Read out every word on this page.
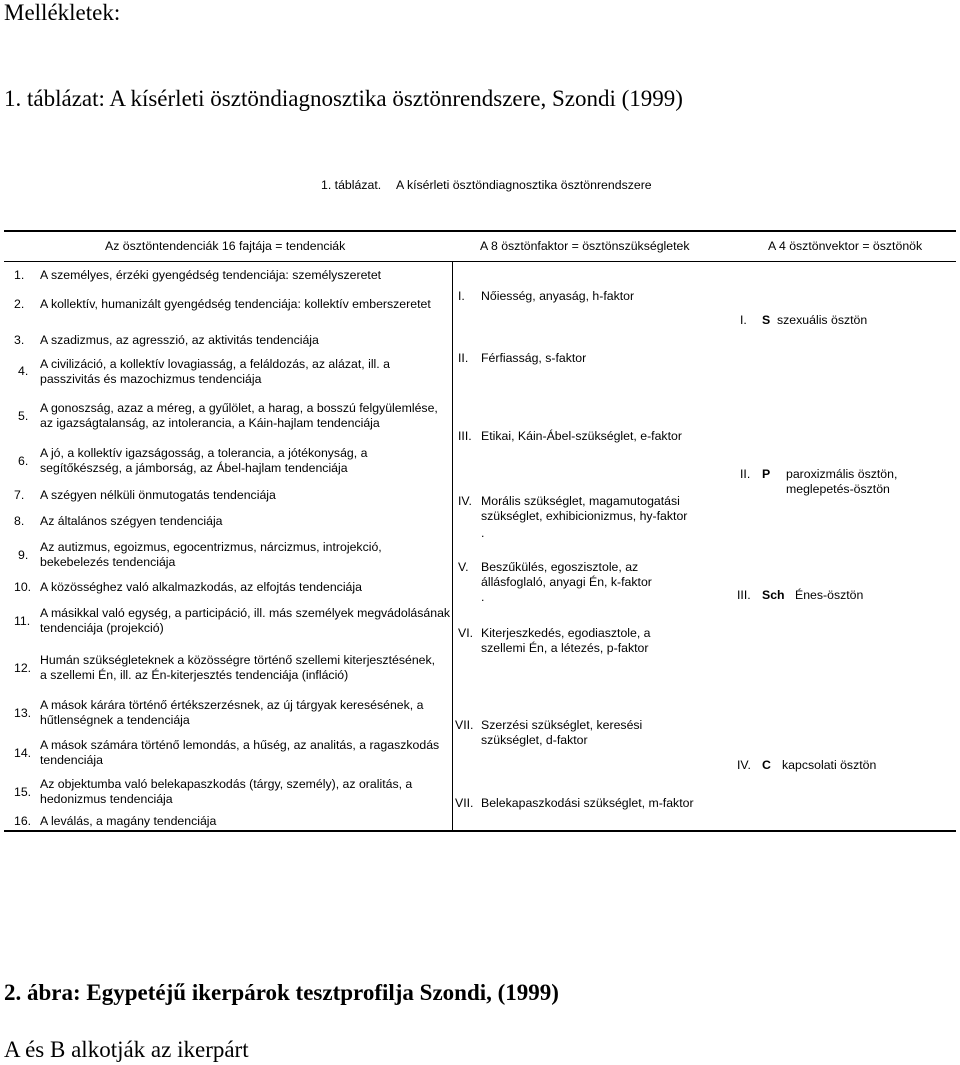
Mellékletek:
1. táblázat: A kísérleti ösztöndiagnosztika ösztönrendszere, Szondi (1999)
1. táblázat. A kísérleti ösztöndiagnosztika ösztönrendszere
Az ösztöntendenciák 16 fajtája = tendenciák	A 8 ösztönfaktor = ösztönszükségletek	A 4 ösztönvektor = ösztönök
1. A személyes, érzéki gyengédség tendenciája: személyszeretet
2. A kollektív, humanizált gyengédség tendenciája: kollektív emberszeretet
3. A szadizmus, az agresszió, az aktivitás tendenciája
4. A civilizáció, a kollektív lovagiasság, a feláldozás, az alázat, ill. a passzivitás és mazochizmus tendenciája
5.
A gonoszság, azaz a méreg, a gyűlölet, a harag, a bosszú felgyülemlése, az igazságtalanság, az intolerancia, a Káin-hajlam tendenciája
6.
A jó, a kollektív igazságosság, a tolerancia, a jótékonyság, a segítőkészség, a jámborság, az Ábel-hajlam tendenciája
7. A szégyen nélküli önmutogatás tendenciája
8. Az általános szégyen tendenciája
9.
Az autizmus, egoizmus, egocentrizmus, nárcizmus, introjekció, bekebelezés tendenciája
10. A közösséghez való alkalmazkodás, az elfojtás tendenciája
11.
A másikkal való egység, a participáció, ill. más személyek megvádolásának tendenciája (projekció)
12.
Humán szükségleteknek a közösségre történő szellemi kiterjesztésének, a szellemi Én, ill. az Én-kiterjesztés tendenciája (infláció)
13.
A mások kárára történő értékszerzésnek, az új tárgyak keresésének, a hűtlenségnek a tendenciája
14.
A mások számára történő lemondás, a hűség, az analitás, a ragaszkodás tendenciája
15.
Az objektumba való belekapaszkodás (tárgy, személy), az oralitás, a hedonizmus tendenciája
16. A leválás, a magány tendenciája
I. Nőiesség, anyaság, h-faktor
II. Férfiasság, s-faktor
III. Etikai, Káin-Ábel-szükséglet, e-faktor
IV. Morális szükséglet, magamutogatási szükséglet, exhibicionizmus, hy-faktor
.
V. Beszűkülés, egoszisztole, az állásfoglaló, anyagi Én, k-faktor
.
VI. Kiterjeszkedés, egodiasztole, a szellemi Én, a létezés, p-faktor
VII. Szerzési szükséglet, keresési szükséglet, d-faktor
VII. Belekapaszkodási szükséglet, m-faktor
I. S szexuális ösztön
II. P paroxizmális ösztön, meglepetés-ösztön
III. Sch Énes-ösztön
IV. C kapcsolati ösztön
2. ábra: Egypetéjű ikerpárok tesztprofilja Szondi, (1999)
A és B alkotják az ikerpárt
